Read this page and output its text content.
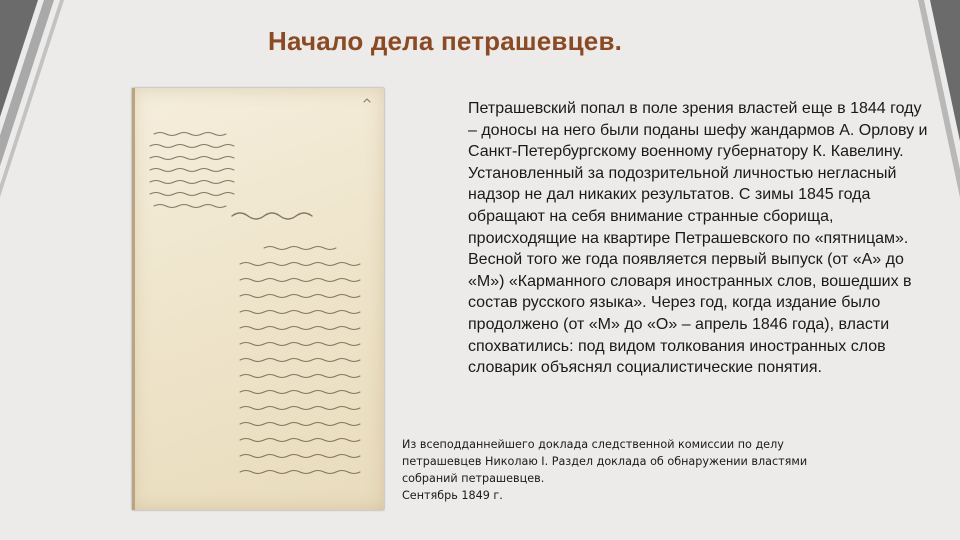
Начало дела петрашевцев.

Петрашевский попал в поле зрения властей еще в 1844 году – доносы на него были поданы шефу жандармов А. Орлову и Санкт-Петербургскому военному губернатору К. Кавелину. Установленный за подозрительной личностью негласный надзор не дал никаких результатов. С зимы 1845 года обращают на себя внимание странные сборища, происходящие на квартире Петрашевского по «пятницам». Весной того же года появляется первый выпуск (от «А» до «М») «Карманного словаря иностранных слов, вошедших в состав русского языка». Через год, когда издание было продолжено (от «М» до «О» – апрель 1846 года), власти спохватились: под видом толкования иностранных слов словарик объяснял социалистические понятия.

Из всеподданнейшего доклада следственной комиссии по делу
петрашевцев Николаю I. Раздел доклада об обнаружении властями
собраний петрашевцев.
Сентябрь 1849 г.
